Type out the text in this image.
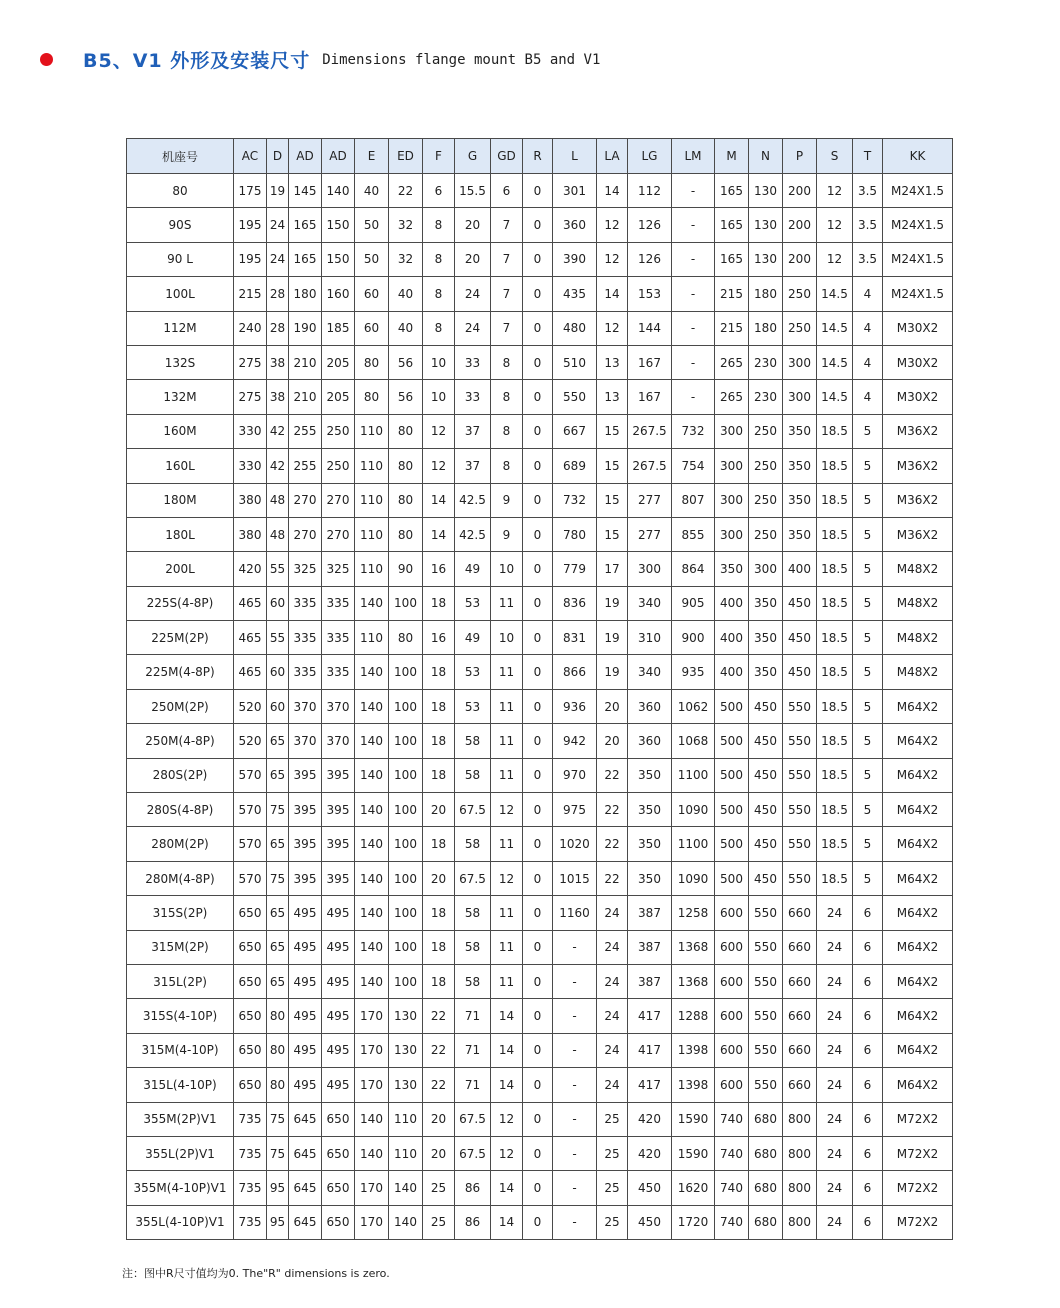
B5、V1 外形及安装尺寸 Dimensions flange mount B5 and V1
机座号	AC	D	AD	AD	E	ED	F	G	GD	R	L	LA	LG	LM	M	N	P	S	T	KK
80	175	19	145	140	40	22	6	15.5	6	0	301	14	112	-	165	130	200	12	3.5	M24X1.5
90S	195	24	165	150	50	32	8	20	7	0	360	12	126	-	165	130	200	12	3.5	M24X1.5
90 L	195	24	165	150	50	32	8	20	7	0	390	12	126	-	165	130	200	12	3.5	M24X1.5
100L	215	28	180	160	60	40	8	24	7	0	435	14	153	-	215	180	250	14.5	4	M24X1.5
112M	240	28	190	185	60	40	8	24	7	0	480	12	144	-	215	180	250	14.5	4	M30X2
132S	275	38	210	205	80	56	10	33	8	0	510	13	167	-	265	230	300	14.5	4	M30X2
132M	275	38	210	205	80	56	10	33	8	0	550	13	167	-	265	230	300	14.5	4	M30X2
160M	330	42	255	250	110	80	12	37	8	0	667	15	267.5	732	300	250	350	18.5	5	M36X2
160L	330	42	255	250	110	80	12	37	8	0	689	15	267.5	754	300	250	350	18.5	5	M36X2
180M	380	48	270	270	110	80	14	42.5	9	0	732	15	277	807	300	250	350	18.5	5	M36X2
180L	380	48	270	270	110	80	14	42.5	9	0	780	15	277	855	300	250	350	18.5	5	M36X2
200L	420	55	325	325	110	90	16	49	10	0	779	17	300	864	350	300	400	18.5	5	M48X2
225S(4-8P)	465	60	335	335	140	100	18	53	11	0	836	19	340	905	400	350	450	18.5	5	M48X2
225M(2P)	465	55	335	335	110	80	16	49	10	0	831	19	310	900	400	350	450	18.5	5	M48X2
225M(4-8P)	465	60	335	335	140	100	18	53	11	0	866	19	340	935	400	350	450	18.5	5	M48X2
250M(2P)	520	60	370	370	140	100	18	53	11	0	936	20	360	1062	500	450	550	18.5	5	M64X2
250M(4-8P)	520	65	370	370	140	100	18	58	11	0	942	20	360	1068	500	450	550	18.5	5	M64X2
280S(2P)	570	65	395	395	140	100	18	58	11	0	970	22	350	1100	500	450	550	18.5	5	M64X2
280S(4-8P)	570	75	395	395	140	100	20	67.5	12	0	975	22	350	1090	500	450	550	18.5	5	M64X2
280M(2P)	570	65	395	395	140	100	18	58	11	0	1020	22	350	1100	500	450	550	18.5	5	M64X2
280M(4-8P)	570	75	395	395	140	100	20	67.5	12	0	1015	22	350	1090	500	450	550	18.5	5	M64X2
315S(2P)	650	65	495	495	140	100	18	58	11	0	1160	24	387	1258	600	550	660	24	6	M64X2
315M(2P)	650	65	495	495	140	100	18	58	11	0	-	24	387	1368	600	550	660	24	6	M64X2
315L(2P)	650	65	495	495	140	100	18	58	11	0	-	24	387	1368	600	550	660	24	6	M64X2
315S(4-10P)	650	80	495	495	170	130	22	71	14	0	-	24	417	1288	600	550	660	24	6	M64X2
315M(4-10P)	650	80	495	495	170	130	22	71	14	0	-	24	417	1398	600	550	660	24	6	M64X2
315L(4-10P)	650	80	495	495	170	130	22	71	14	0	-	24	417	1398	600	550	660	24	6	M64X2
355M(2P)V1	735	75	645	650	140	110	20	67.5	12	0	-	25	420	1590	740	680	800	24	6	M72X2
355L(2P)V1	735	75	645	650	140	110	20	67.5	12	0	-	25	420	1590	740	680	800	24	6	M72X2
355M(4-10P)V1	735	95	645	650	170	140	25	86	14	0	-	25	450	1620	740	680	800	24	6	M72X2
355L(4-10P)V1	735	95	645	650	170	140	25	86	14	0	-	25	450	1720	740	680	800	24	6	M72X2
注：图中R尺寸值均为0. The"R" dimensions is zero.
